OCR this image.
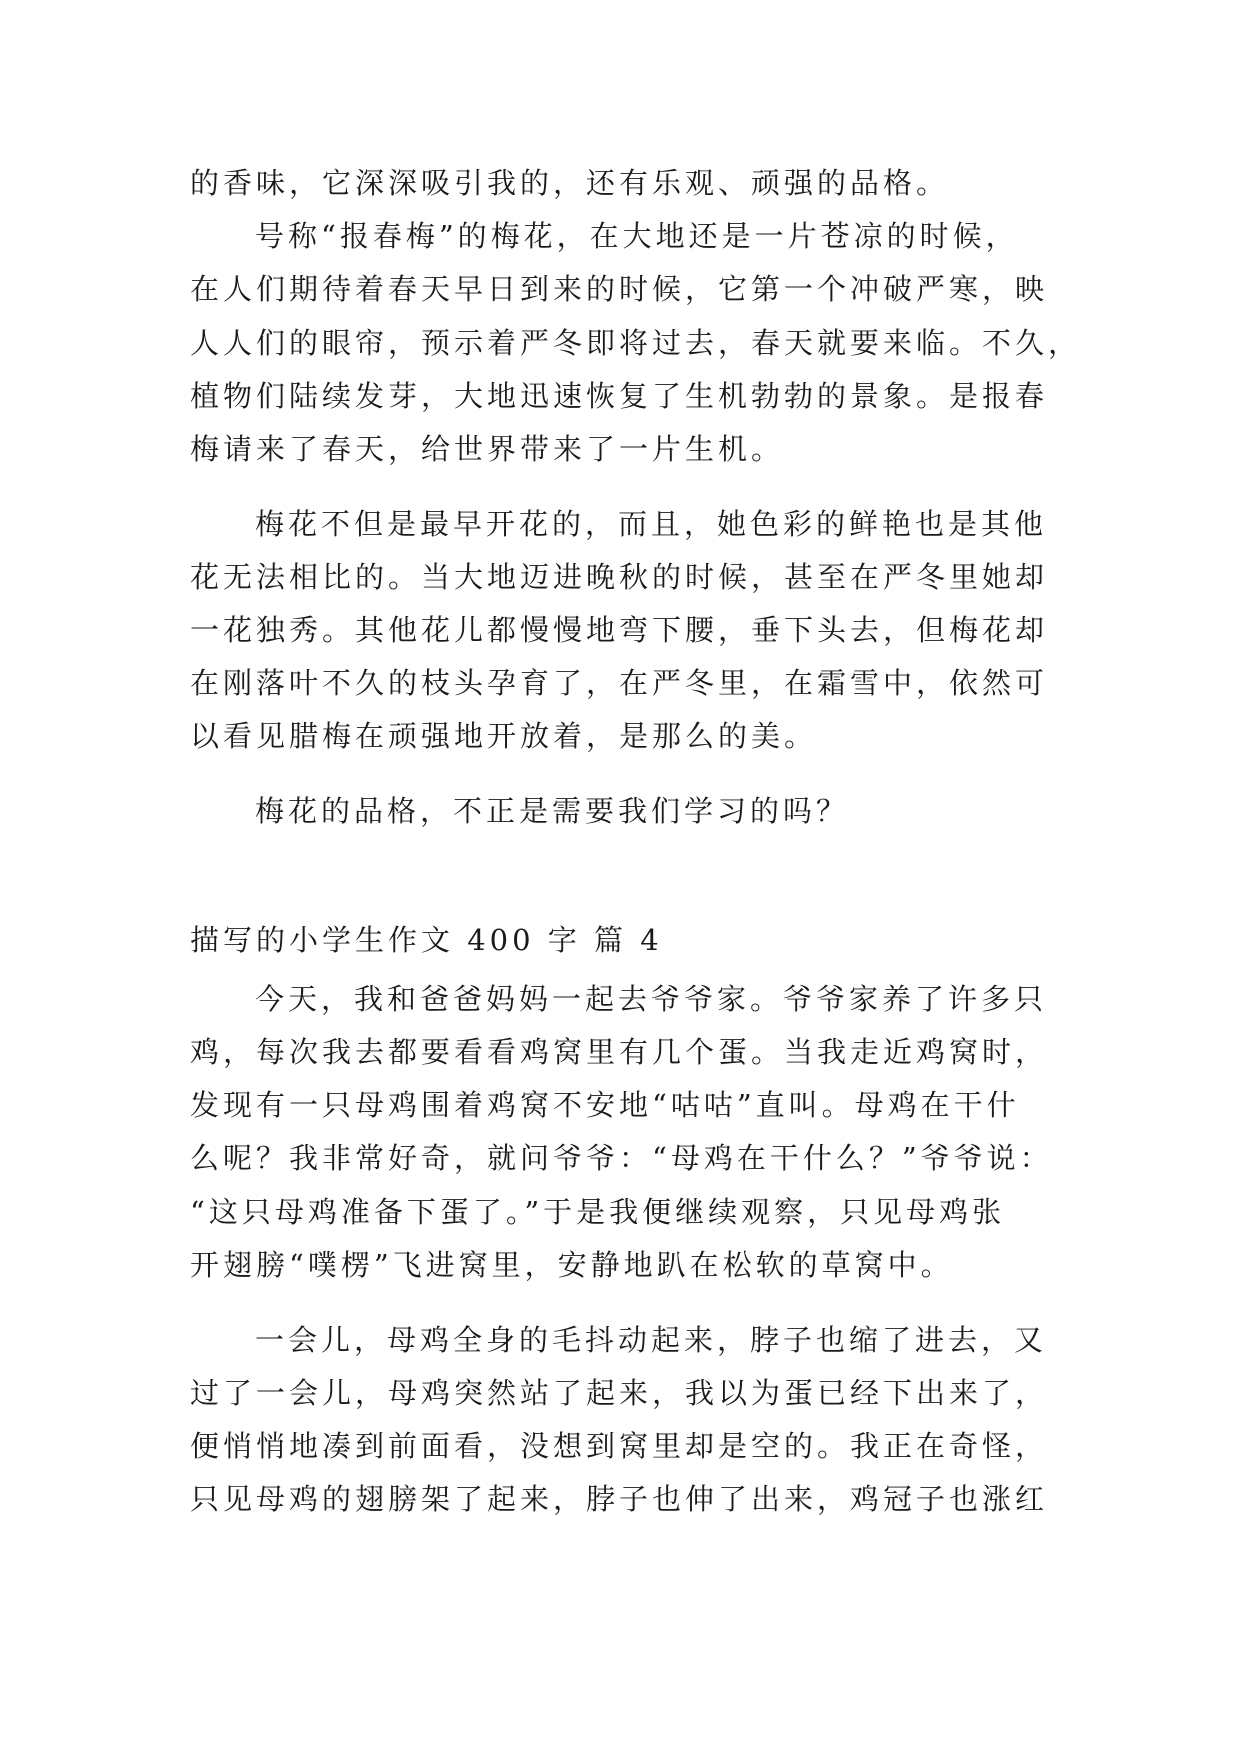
的香味，它深深吸引我的，还有乐观、顽强的品格。
号称“报春梅”的梅花，在大地还是一片苍凉的时候，
在人们期待着春天早日到来的时候，它第一个冲破严寒，映
人人们的眼帘，预示着严冬即将过去，春天就要来临。不久，
植物们陆续发芽，大地迅速恢复了生机勃勃的景象。是报春
梅请来了春天，给世界带来了一片生机。
梅花不但是最早开花的，而且，她色彩的鲜艳也是其他
花无法相比的。当大地迈进晚秋的时候，甚至在严冬里她却
一花独秀。其他花儿都慢慢地弯下腰，垂下头去，但梅花却
在刚落叶不久的枝头孕育了，在严冬里，在霜雪中，依然可
以看见腊梅在顽强地开放着，是那么的美。
梅花的品格，不正是需要我们学习的吗？
描写的小学生作文 400 字 篇 4
今天，我和爸爸妈妈一起去爷爷家。爷爷家养了许多只
鸡，每次我去都要看看鸡窝里有几个蛋。当我走近鸡窝时，
发现有一只母鸡围着鸡窝不安地“咕咕”直叫。母鸡在干什
么呢？我非常好奇，就问爷爷：“母鸡在干什么？”爷爷说：
“这只母鸡准备下蛋了。”于是我便继续观察，只见母鸡张
开翅膀“噗楞”飞进窝里，安静地趴在松软的草窝中。
一会儿，母鸡全身的毛抖动起来，脖子也缩了进去，又
过了一会儿，母鸡突然站了起来，我以为蛋已经下出来了，
便悄悄地凑到前面看，没想到窝里却是空的。我正在奇怪，
只见母鸡的翅膀架了起来，脖子也伸了出来，鸡冠子也涨红
